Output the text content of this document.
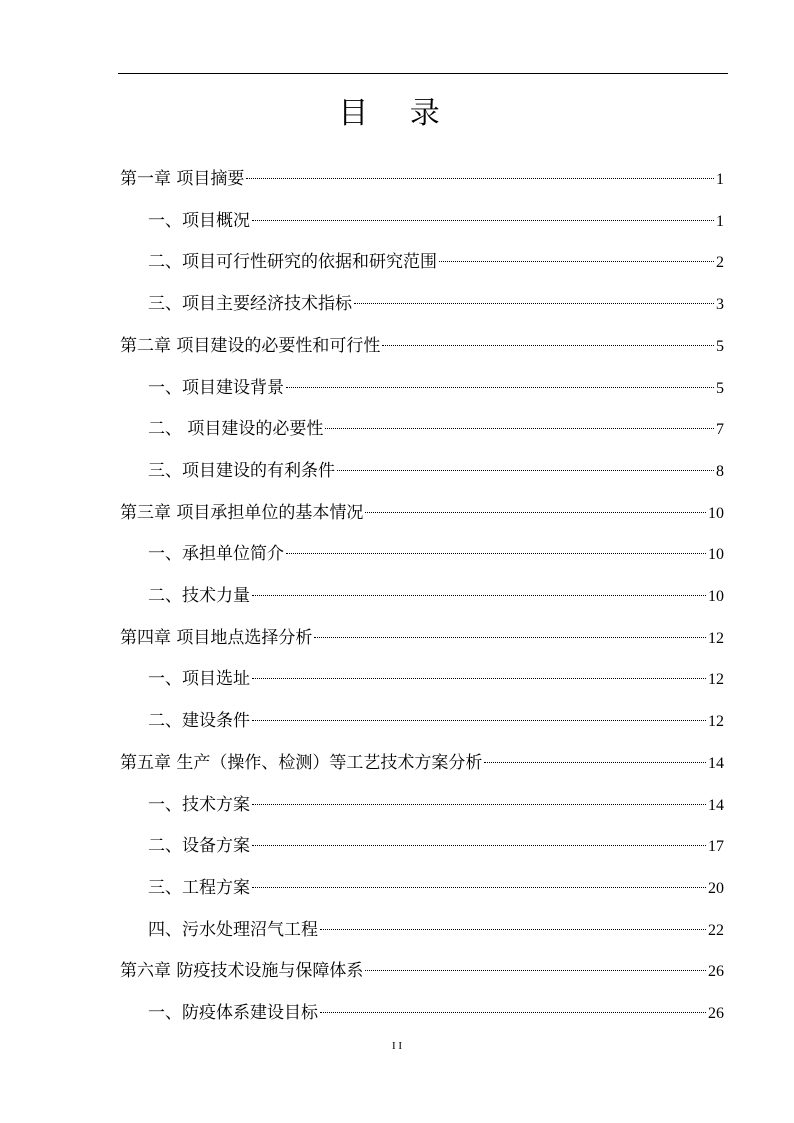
目 录
第一章 项目摘要	1
一、项目概况	1
二、项目可行性研究的依据和研究范围	2
三、项目主要经济技术指标	3
第二章 项目建设的必要性和可行性	5
一、项目建设背景	5
二、 项目建设的必要性	7
三、项目建设的有利条件	8
第三章 项目承担单位的基本情况	10
一、承担单位简介	10
二、技术力量	10
第四章 项目地点选择分析	12
一、项目选址	12
二、建设条件	12
第五章 生产（操作、检测）等工艺技术方案分析	14
一、技术方案	14
二、设备方案	17
三、工程方案	20
四、污水处理沼气工程	22
第六章 防疫技术设施与保障体系	26
一、防疫体系建设目标	26
I I
